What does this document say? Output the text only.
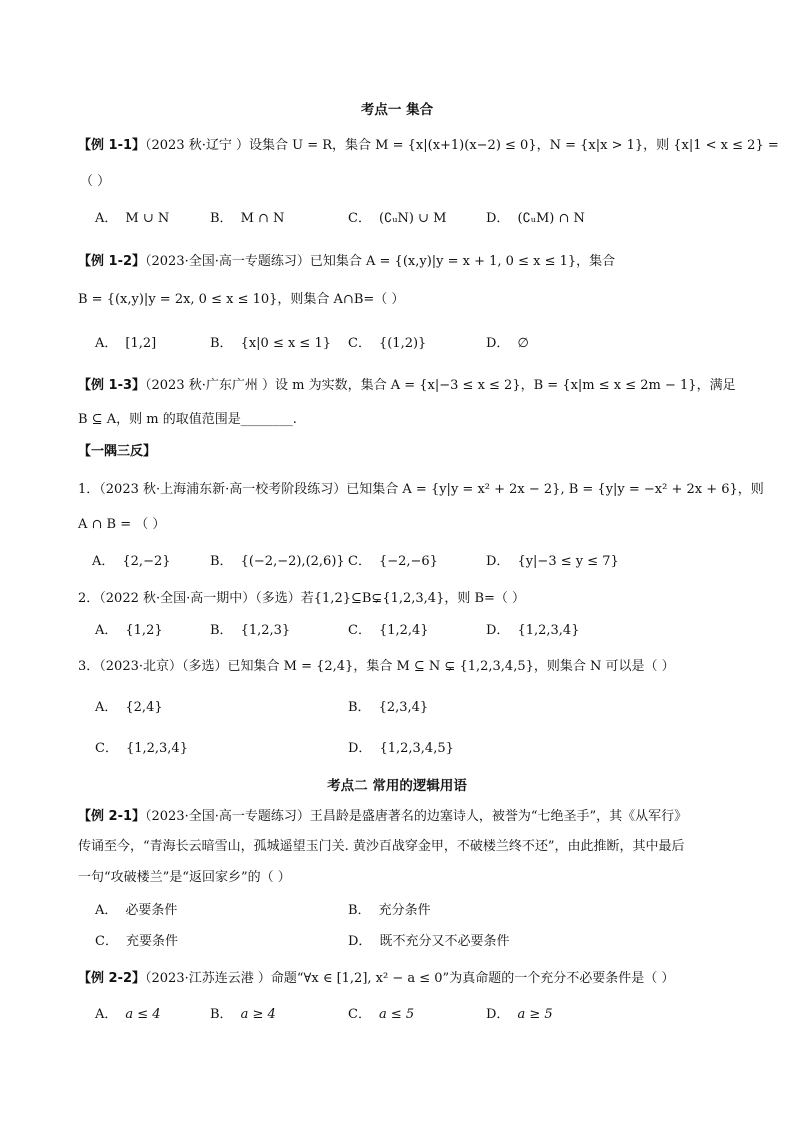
考点一 集合
【例 1-1】（2023 秋·辽宁 ）设集合 U = R，集合 M = {x|(x+1)(x−2) ≤ 0}，N = {x|x > 1}，则 {x|1 < x ≤ 2} =
（ ）
A． M ∪ N	B． M ∩ N	C． (∁ᵤN) ∪ M	D． (∁ᵤM) ∩ N
【例 1-2】（2023·全国·高一专题练习）已知集合 A = {(x,y)|y = x + 1, 0 ≤ x ≤ 1}，集合
B = {(x,y)|y = 2x, 0 ≤ x ≤ 10}，则集合 A∩B=（ ）
A． [1,2]	B． {x|0 ≤ x ≤ 1} C． {(1,2)}	D． ∅
【例 1-3】（2023 秋·广东广州 ）设 m 为实数，集合 A = {x|−3 ≤ x ≤ 2}，B = {x|m ≤ x ≤ 2m − 1}，满足
B ⊆ A，则 m 的取值范围是________.
【一隅三反】
1．（2023 秋·上海浦东新·高一校考阶段练习）已知集合 A = {y|y = x² + 2x − 2}, B = {y|y = −x² + 2x + 6}，则
A ∩ B = （ ）
A． {2,−2}	B． {(−2,−2),(2,6)} C． {−2,−6}	D． {y|−3 ≤ y ≤ 7}
2．（2022 秋·全国·高一期中）（多选）若{1,2}⊆B⊊{1,2,3,4}，则 B=（ ）
A． {1,2}	B． {1,2,3}	C． {1,2,4}	D． {1,2,3,4}
3．（2023·北京）（多选）已知集合 M = {2,4}，集合 M ⊆ N ⊊ {1,2,3,4,5}，则集合 N 可以是（ ）
A． {2,4}	B． {2,3,4}
C． {1,2,3,4}	D． {1,2,3,4,5}
考点二 常用的逻辑用语
【例 2-1】（2023·全国·高一专题练习）王昌龄是盛唐著名的边塞诗人，被誉为“七绝圣手”，其《从军行》
传诵至今，“青海长云暗雪山，孤城遥望玉门关. 黄沙百战穿金甲，不破楼兰终不还”，由此推断，其中最后
一句“攻破楼兰”是“返回家乡”的（ ）
A． 必要条件	B． 充分条件
C． 充要条件	D． 既不充分又不必要条件
【例 2-2】（2023·江苏连云港 ）命题“∀x ∈ [1,2], x² − a ≤ 0”为真命题的一个充分不必要条件是（ ）
A． a ≤ 4	B． a ≥ 4	C． a ≤ 5	D． a ≥ 5
